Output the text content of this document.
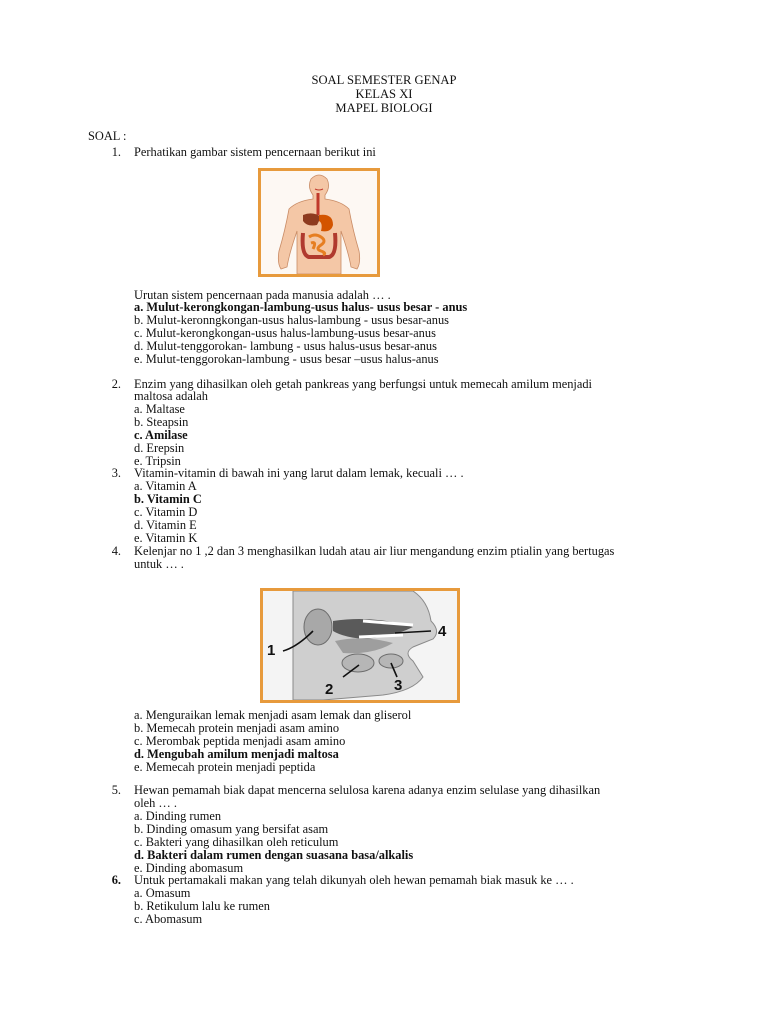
SOAL SEMESTER GENAP
KELAS XI
MAPEL BIOLOGI
SOAL :
1. Perhatikan gambar sistem pencernaan berikut ini
Urutan sistem pencernaan pada manusia adalah … .
a. Mulut-kerongkongan-lambung-usus halus- usus besar - anus
b. Mulut-keronngkongan-usus halus-lambung - usus besar-anus
c. Mulut-kerongkongan-usus halus-lambung-usus besar-anus
d. Mulut-tenggorokan- lambung - usus halus-usus besar-anus
e. Mulut-tenggorokan-lambung - usus besar –usus halus-anus
2. Enzim yang dihasilkan oleh getah pankreas yang berfungsi untuk memecah amilum menjadi
maltosa adalah
a. Maltase
b. Steapsin
c. Amilase
d. Erepsin
e. Tripsin
3. Vitamin-vitamin di bawah ini yang larut dalam lemak, kecuali … .
a. Vitamin A
b. Vitamin C
c. Vitamin D
d. Vitamin E
e. Vitamin K
4. Kelenjar no 1 ,2 dan 3 menghasilkan ludah atau air liur mengandung enzim ptialin yang bertugas
untuk … .
1
2	3
4
a. Menguraikan lemak menjadi asam lemak dan gliserol
b. Memecah protein menjadi asam amino
c. Merombak peptida menjadi asam amino
d. Mengubah amilum menjadi maltosa
e. Memecah protein menjadi peptida
5. Hewan pemamah biak dapat mencerna selulosa karena adanya enzim selulase yang dihasilkan
oleh … .
a. Dinding rumen
b. Dinding omasum yang bersifat asam
c. Bakteri yang dihasilkan oleh reticulum
d. Bakteri dalam rumen dengan suasana basa/alkalis
e. Dinding abomasum
6. Untuk pertamakali makan yang telah dikunyah oleh hewan pemamah biak masuk ke … .
a. Omasum
b. Retikulum lalu ke rumen
c. Abomasum
